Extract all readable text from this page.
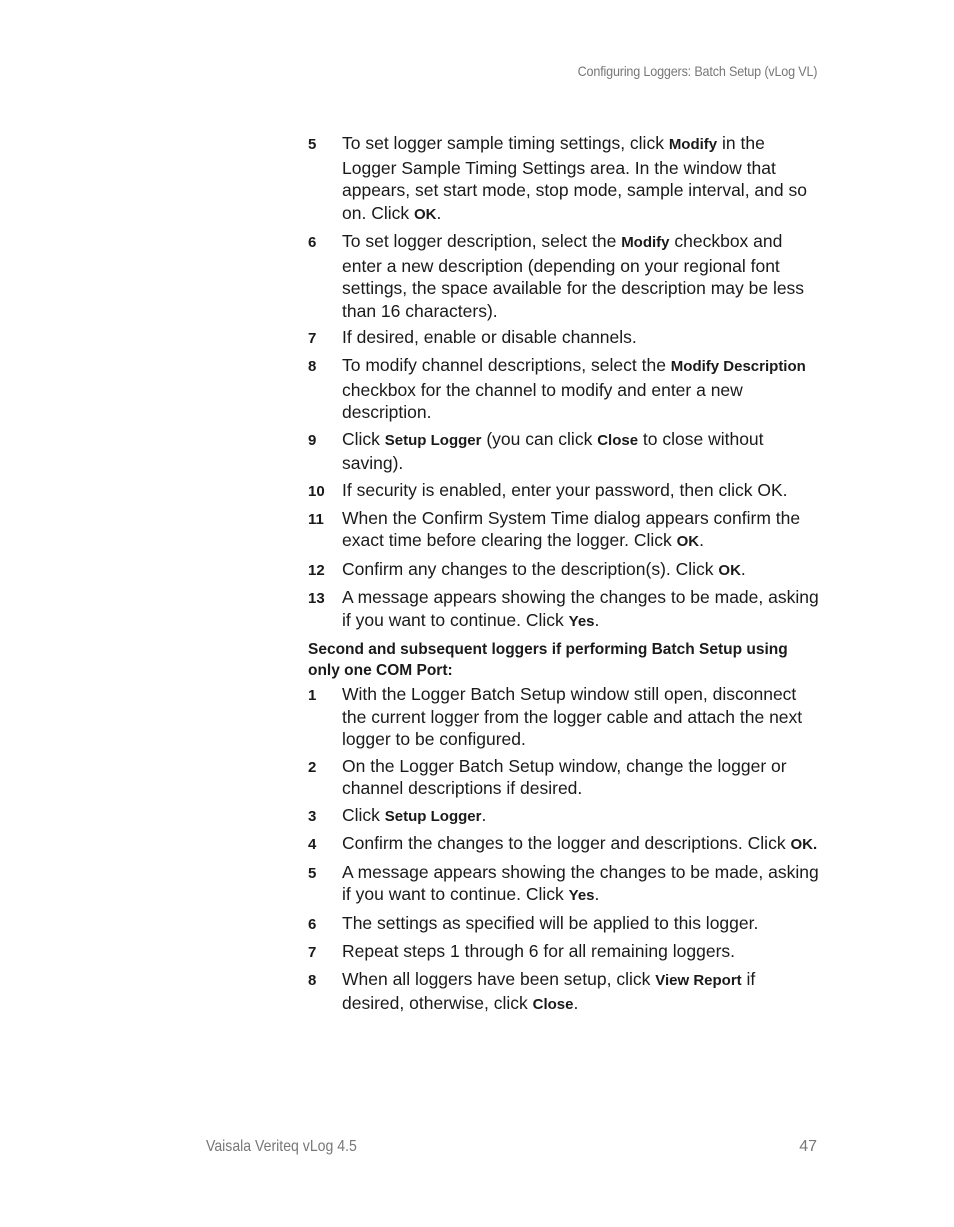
Configuring Loggers: Batch Setup (vLog VL)
5	To set logger sample timing settings, click Modify in the Logger Sample Timing Settings area. In the window that appears, set start mode, stop mode, sample interval, and so on. Click OK.
6	To set logger description, select the Modify checkbox and enter a new description (depending on your regional font settings, the space available for the description may be less than 16 characters).
7	If desired, enable or disable channels.
8	To modify channel descriptions, select the Modify Description checkbox for the channel to modify and enter a new description.
9	Click Setup Logger (you can click Close to close without saving).
10 If security is enabled, enter your password, then click OK.
11	When the Confirm System Time dialog appears confirm the exact time before clearing the logger. Click OK.
12 Confirm any changes to the description(s). Click OK.
13 A message appears showing the changes to be made, asking if you want to continue. Click Yes.
Second and subsequent loggers if performing Batch Setup using only one COM Port:
1	With the Logger Batch Setup window still open, disconnect the current logger from the logger cable and attach the next logger to be configured.
2	On the Logger Batch Setup window, change the logger or channel descriptions if desired.
3	Click Setup Logger.
4	Confirm the changes to the logger and descriptions. Click OK.
5	A message appears showing the changes to be made, asking if you want to continue. Click Yes.
6	The settings as specified will be applied to this logger.
7	Repeat steps 1 through 6 for all remaining loggers.
8	When all loggers have been setup, click View Report if desired, otherwise, click Close.
Vaisala Veriteq vLog 4.5	47
